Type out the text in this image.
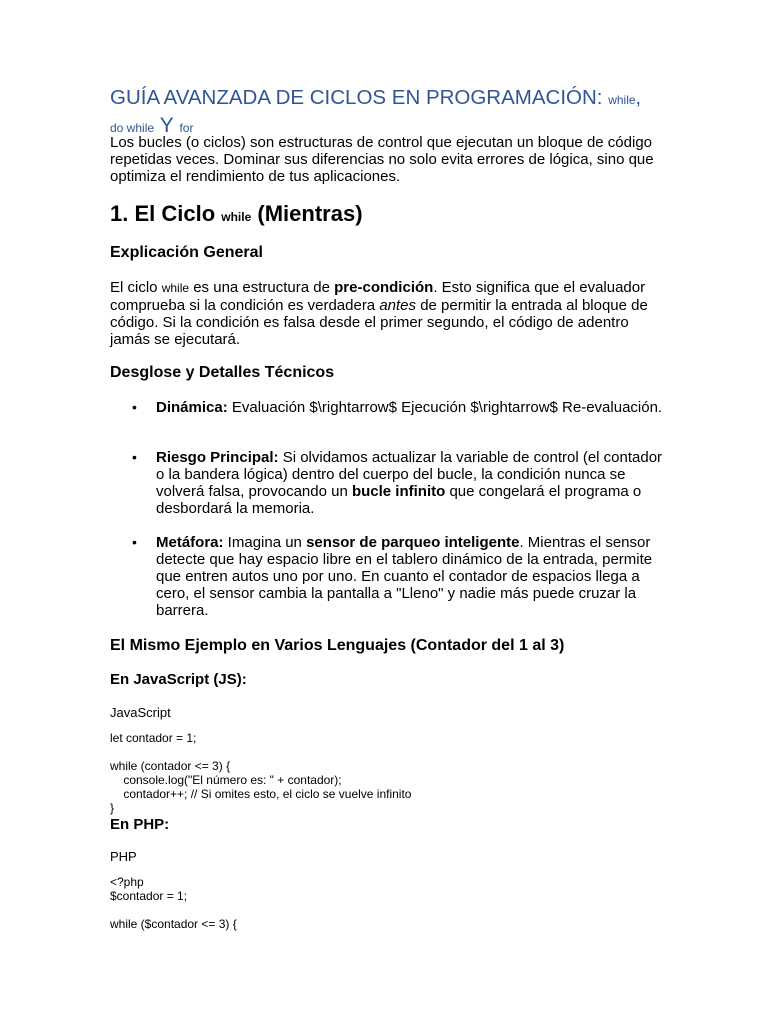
GUÍA AVANZADA DE CICLOS EN PROGRAMACIÓN: while,
do while Y for
Los bucles (o ciclos) son estructuras de control que ejecutan un bloque de código repetidas veces. Dominar sus diferencias no solo evita errores de lógica, sino que optimiza el rendimiento de tus aplicaciones.
1. El Ciclo while (Mientras)
Explicación General
El ciclo while es una estructura de pre-condición. Esto significa que el evaluador comprueba si la condición es verdadera antes de permitir la entrada al bloque de código. Si la condición es falsa desde el primer segundo, el código de adentro jamás se ejecutará.
Desglose y Detalles Técnicos
• Dinámica: Evaluación $\rightarrow$ Ejecución $\rightarrow$ Re-evaluación.
• Riesgo Principal: Si olvidamos actualizar la variable de control (el contador o la bandera lógica) dentro del cuerpo del bucle, la condición nunca se volverá falsa, provocando un bucle infinito que congelará el programa o desbordará la memoria.
• Metáfora: Imagina un sensor de parqueo inteligente. Mientras el sensor detecte que hay espacio libre en el tablero dinámico de la entrada, permite que entren autos uno por uno. En cuanto el contador de espacios llega a cero, el sensor cambia la pantalla a "Lleno" y nadie más puede cruzar la barrera.
El Mismo Ejemplo en Varios Lenguajes (Contador del 1 al 3)
En JavaScript (JS):
JavaScript
let contador = 1;

while (contador <= 3) {
console.log("El número es: " + contador);
contador++; // Si omites esto, el ciclo se vuelve infinito
}
En PHP:
PHP
<?php
$contador = 1;

while ($contador <= 3) {
